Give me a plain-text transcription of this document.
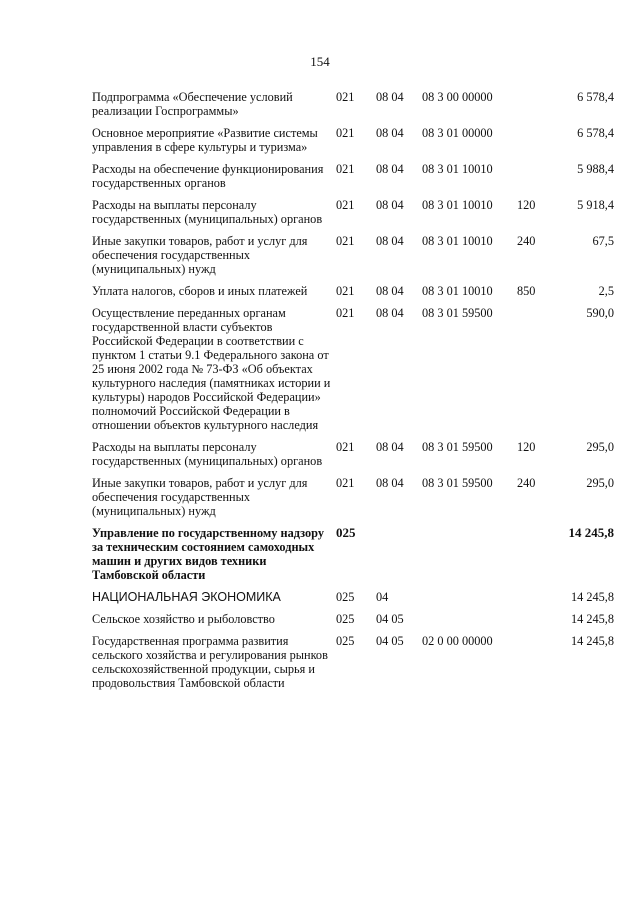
154
Подпрограмма «Обеспечение условий реализации Госпрограммы»	021	08 04	08 3 00 00000		6 578,4
Основное мероприятие «Развитие системы управления в сфере культуры и туризма»	021	08 04	08 3 01 00000		6 578,4
Расходы на обеспечение функционирования государственных органов	021	08 04	08 3 01 10010		5 988,4
Расходы на выплаты персоналу государственных (муниципальных) органов	021	08 04	08 3 01 10010	120	5 918,4
Иные закупки товаров, работ и услуг для обеспечения государственных (муниципальных) нужд	021	08 04	08 3 01 10010	240	67,5
Уплата налогов, сборов и иных платежей	021	08 04	08 3 01 10010	850	2,5
Осуществление переданных органам государственной власти субъектов Российской Федерации в соответствии с пунктом 1 статьи 9.1 Федерального закона от 25 июня 2002 года № 73-ФЗ «Об объектах культурного наследия (памятниках истории и культуры) народов Российской Федерации» полномочий Российской Федерации в отношении объектов культурного наследия	021	08 04	08 3 01 59500		590,0
Расходы на выплаты персоналу государственных (муниципальных) органов	021	08 04	08 3 01 59500	120	295,0
Иные закупки товаров, работ и услуг для обеспечения государственных (муниципальных) нужд	021	08 04	08 3 01 59500	240	295,0
Управление по государственному надзору за техническим состоянием самоходных машин и других видов техники Тамбовской области	025				14 245,8
НАЦИОНАЛЬНАЯ ЭКОНОМИКА	025	04			14 245,8
Сельское хозяйство и рыболовство	025	04 05			14 245,8
Государственная программа развития сельского хозяйства и регулирования рынков сельскохозяйственной продукции, сырья и продовольствия Тамбовской области	025	04 05	02 0 00 00000		14 245,8
